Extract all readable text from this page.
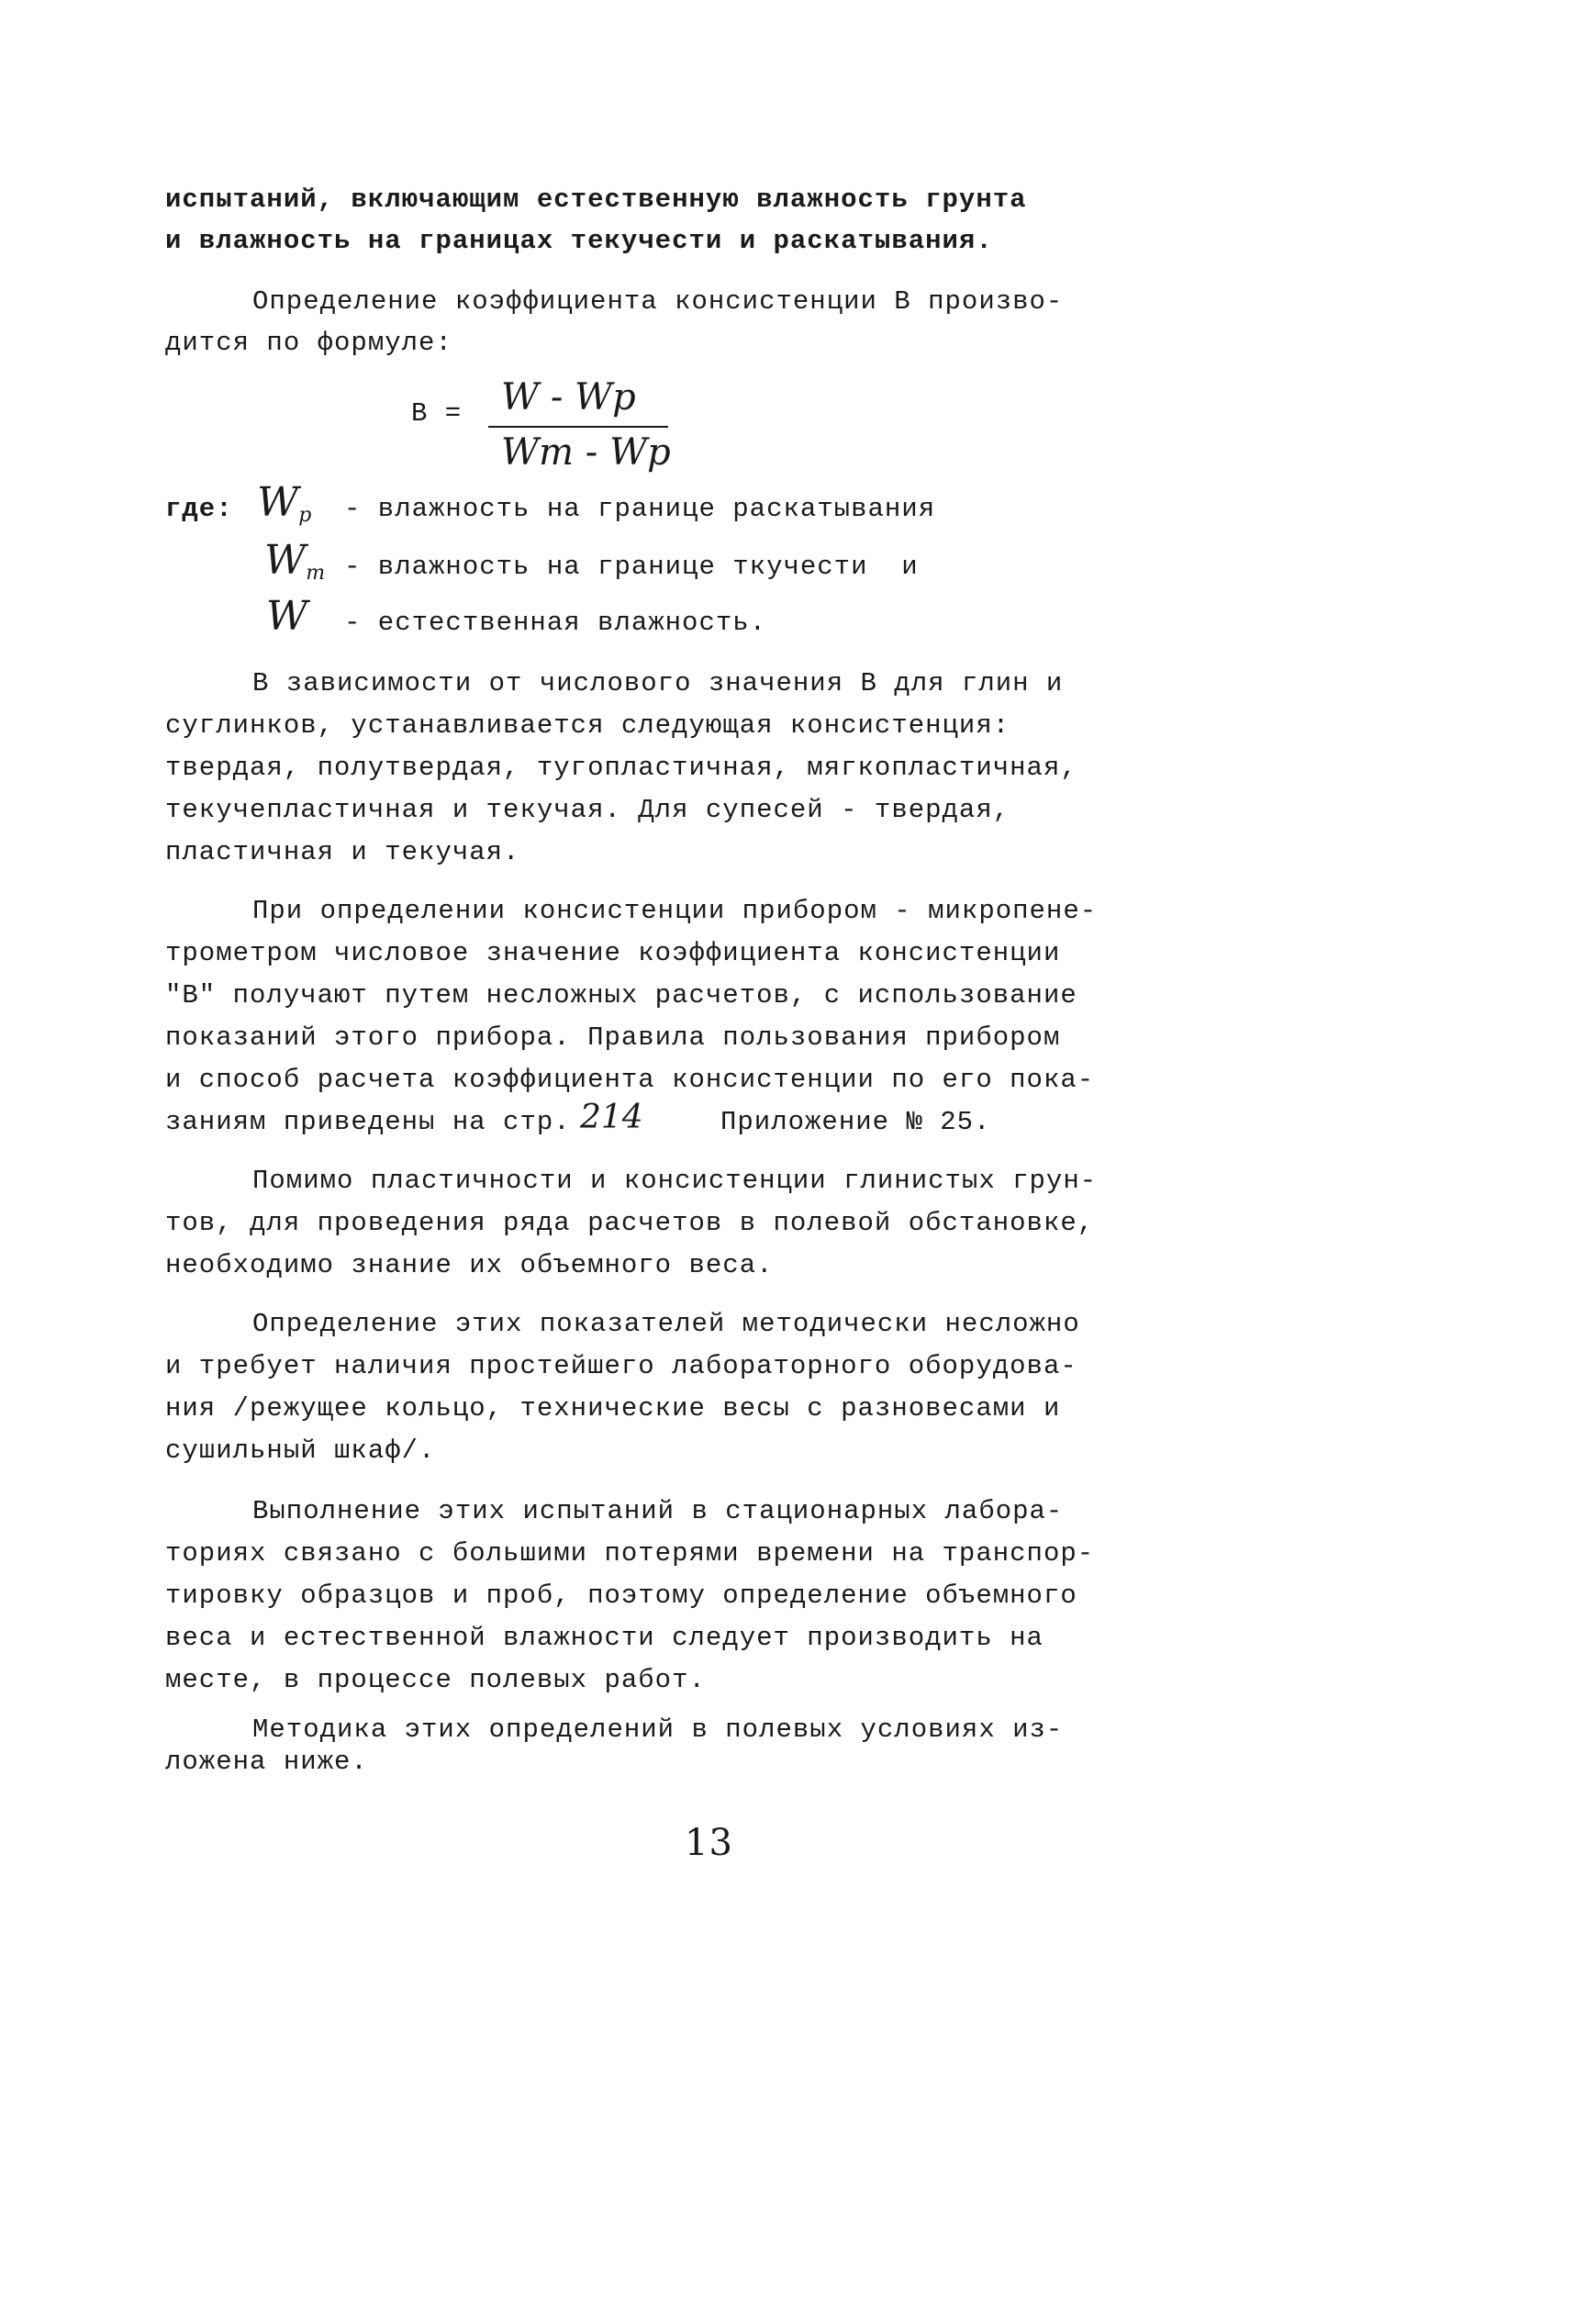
испытаний, включающим естественную влажность грунта
и влажность на границах текучести и раскатывания.
Определение коэффициента консистенции В произво-
дится по формуле:
В = W - Wp
Wm - Wp
где: $W_p$ - влажность на границе раскатывания
$W_m$ - влажность на границе ткучести  и
W - естественная влажность.
В зависимости от числового значения В для глин и
суглинков, устанавливается следующая консистенция:
твердая, полутвердая, тугопластичная, мягкопластичная,
текучепластичная и текучая. Для супесей - твердая,
пластичная и текучая.
При определении консистенции прибором - микропене-
трометром числовое значение коэффициента консистенции
"В" получают путем несложных расчетов, с использование
показаний этого прибора. Правила пользования прибором
и способ расчета коэффициента консистенции по его пока-
заниям приведены на стр. 214	Приложение № 25.
Помимо пластичности и консистенции глинистых грун-
тов, для проведения ряда расчетов в полевой обстановке,
необходимо знание их объемного веса.
Определение этих показателей методически несложно
и требует наличия простейшего лабораторного оборудова-
ния /режущее кольцо, технические весы с разновесами и
сушильный шкаф/.
Выполнение этих испытаний в стационарных лабора-
ториях связано с большими потерями времени на транспор-
тировку образцов и проб, поэтому определение объемного
веса и естественной влажности следует производить на
месте, в процессе полевых работ.
Методика этих определений в полевых условиях из-
ложена ниже.
13
